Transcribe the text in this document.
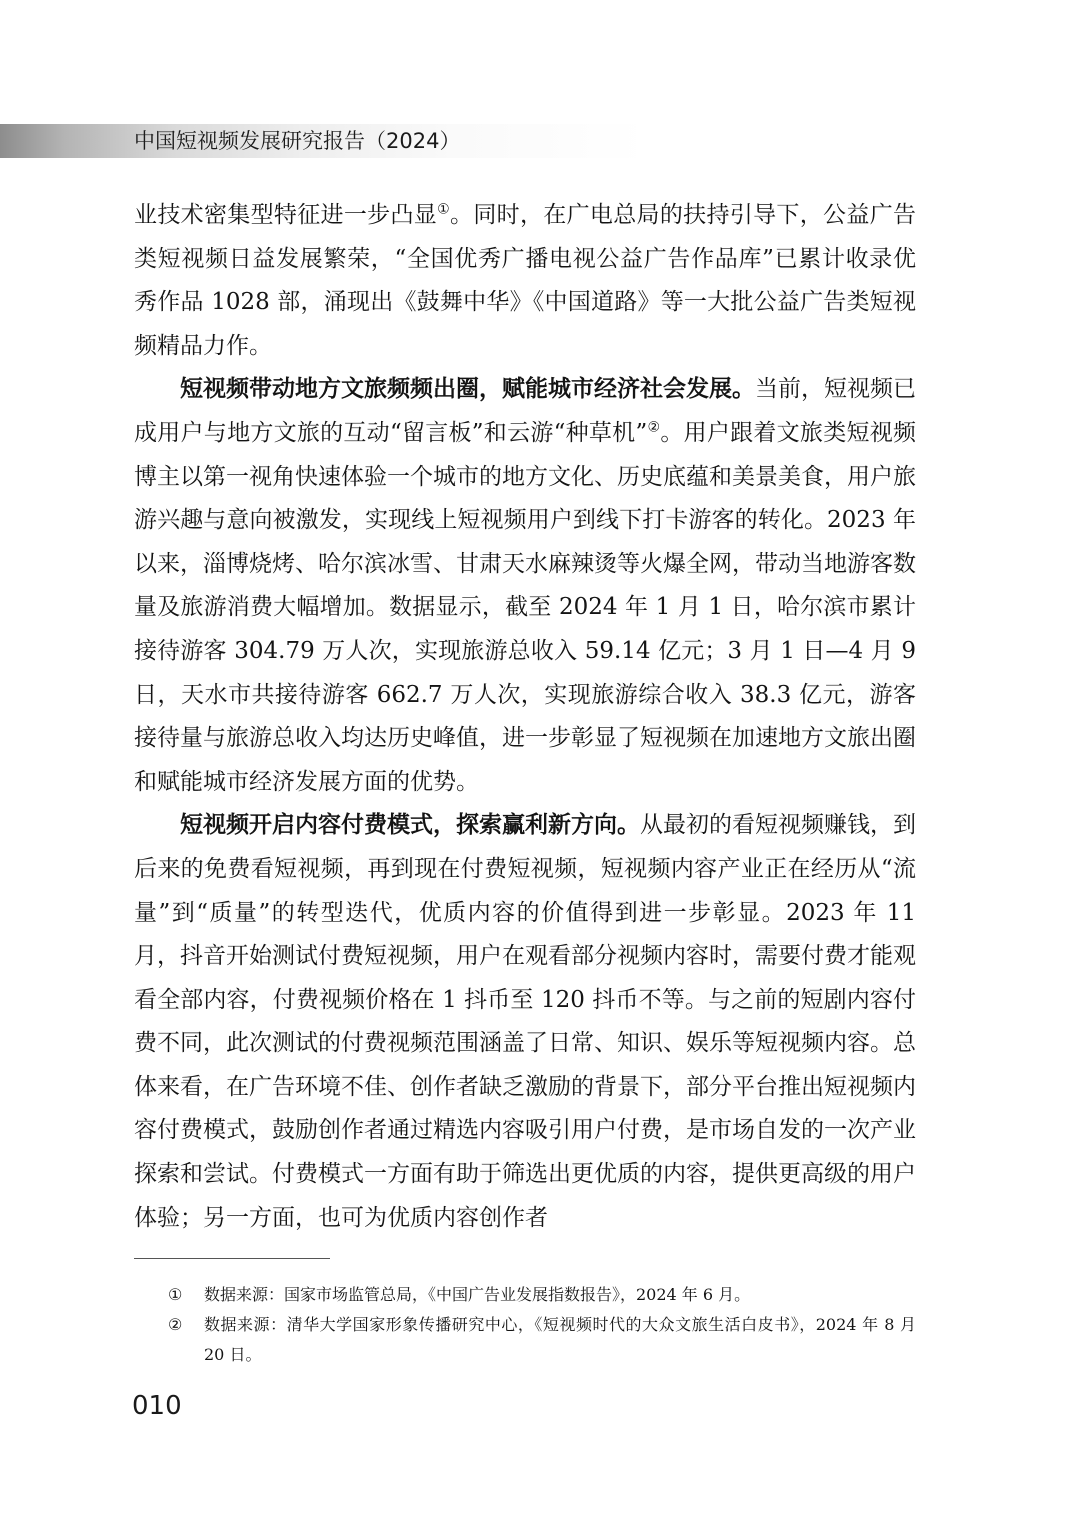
中国短视频发展研究报告（2024）

业技术密集型特征进一步凸显①。同时，在广电总局的扶持引导下，公益广告类短视频日益发展繁荣，“全国优秀广播电视公益广告作品库”已累计收录优秀作品 1028 部，涌现出《鼓舞中华》《中国道路》等一大批公益广告类短视频精品力作。

短视频带动地方文旅频频出圈，赋能城市经济社会发展。当前，短视频已成用户与地方文旅的互动“留言板”和云游“种草机”②。用户跟着文旅类短视频博主以第一视角快速体验一个城市的地方文化、历史底蕴和美景美食，用户旅游兴趣与意向被激发，实现线上短视频用户到线下打卡游客的转化。2023 年以来，淄博烧烤、哈尔滨冰雪、甘肃天水麻辣烫等火爆全网，带动当地游客数量及旅游消费大幅增加。数据显示，截至 2024 年 1 月 1 日，哈尔滨市累计接待游客 304.79 万人次，实现旅游总收入 59.14 亿元；3 月 1 日—4 月 9 日，天水市共接待游客 662.7 万人次，实现旅游综合收入 38.3 亿元，游客接待量与旅游总收入均达历史峰值，进一步彰显了短视频在加速地方文旅出圈和赋能城市经济发展方面的优势。

短视频开启内容付费模式，探索赢利新方向。从最初的看短视频赚钱，到后来的免费看短视频，再到现在付费短视频，短视频内容产业正在经历从“流量”到“质量”的转型迭代，优质内容的价值得到进一步彰显。2023 年 11 月，抖音开始测试付费短视频，用户在观看部分视频内容时，需要付费才能观看全部内容，付费视频价格在 1 抖币至 120 抖币不等。与之前的短剧内容付费不同，此次测试的付费视频范围涵盖了日常、知识、娱乐等短视频内容。总体来看，在广告环境不佳、创作者缺乏激励的背景下，部分平台推出短视频内容付费模式，鼓励创作者通过精选内容吸引用户付费，是市场自发的一次产业探索和尝试。付费模式一方面有助于筛选出更优质的内容，提供更高级的用户体验；另一方面，也可为优质内容创作者

①	数据来源：国家市场监管总局，《中国广告业发展指数报告》，2024 年 6 月。
②	数据来源：清华大学国家形象传播研究中心，《短视频时代的大众文旅生活白皮书》，2024 年 8 月 20 日。
010
